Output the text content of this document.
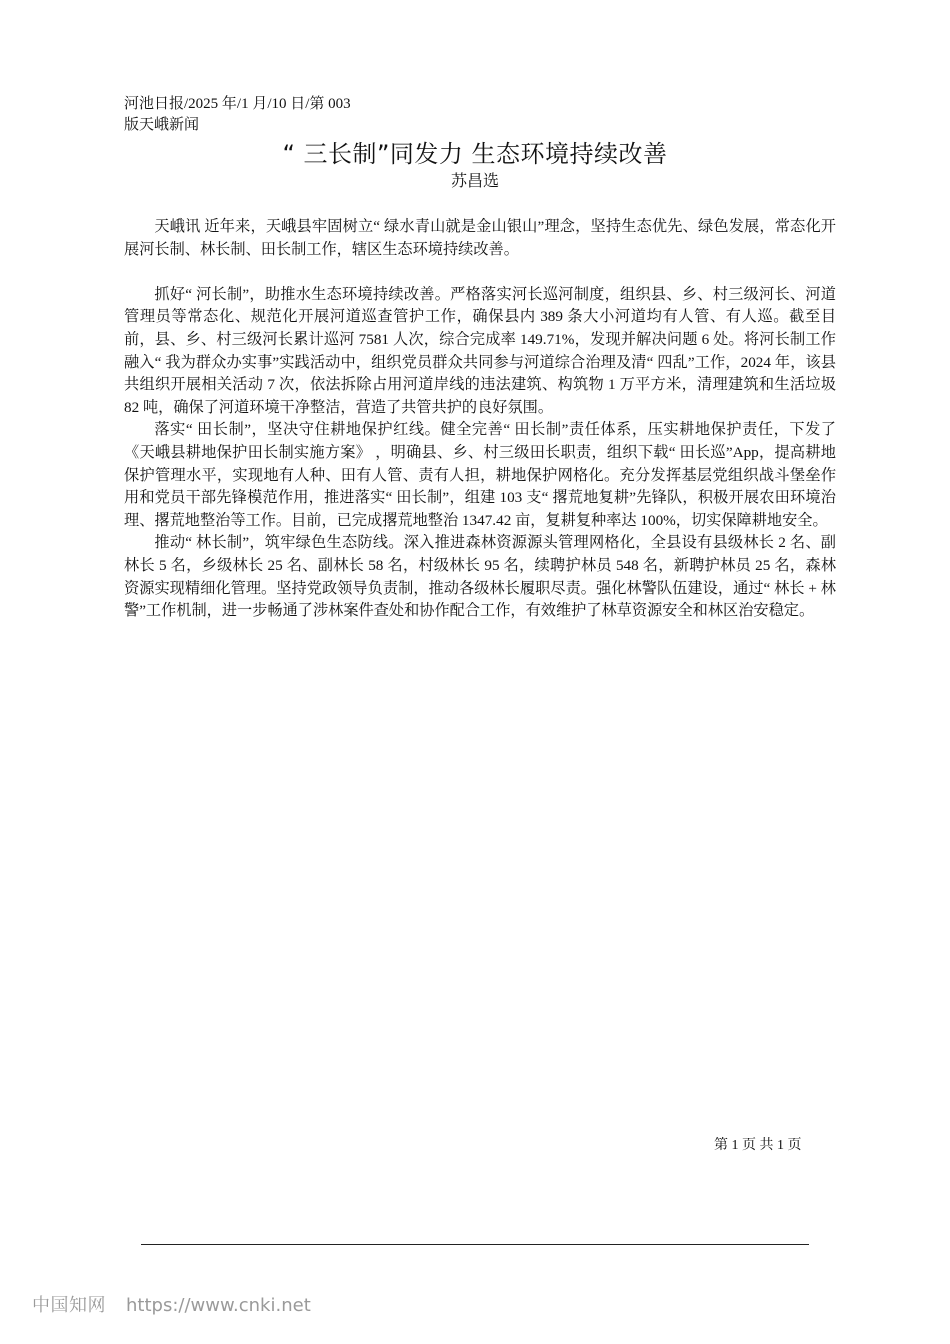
河池日报/2025 年/1 月/10 日/第 003
版天峨新闻
“ 三长制”同发力 生态环境持续改善
苏昌选

天峨讯 近年来，天峨县牢固树立“ 绿水青山就是金山银山”理念，坚持生态优先、绿色发展，常态化开展河长制、林长制、田长制工作，辖区生态环境持续改善。

抓好“ 河长制”，助推水生态环境持续改善。严格落实河长巡河制度，组织县、乡、村三级河长、河道管理员等常态化、规范化开展河道巡查管护工作，确保县内 389 条大小河道均有人管、有人巡。截至目前，县、乡、村三级河长累计巡河 7581 人次，综合完成率 149.71%，发现并解决问题 6 处。将河长制工作融入“ 我为群众办实事”实践活动中，组织党员群众共同参与河道综合治理及清“ 四乱”工作，2024 年，该县共组织开展相关活动 7 次，依法拆除占用河道岸线的违法建筑、构筑物 1 万平方米，清理建筑和生活垃圾 82 吨，确保了河道环境干净整洁，营造了共管共护的良好氛围。

落实“ 田长制”，坚决守住耕地保护红线。健全完善“ 田长制”责任体系，压实耕地保护责任，下发了《天峨县耕地保护田长制实施方案》 ，明确县、乡、村三级田长职责，组织下载“ 田长巡”App，提高耕地保护管理水平，实现地有人种、田有人管、责有人担，耕地保护网格化。充分发挥基层党组织战斗堡垒作用和党员干部先锋模范作用，推进落实“ 田长制”，组建 103 支“ 撂荒地复耕”先锋队，积极开展农田环境治理、撂荒地整治等工作。目前，已完成撂荒地整治 1347.42 亩，复耕复种率达 100%，切实保障耕地安全。

推动“ 林长制”，筑牢绿色生态防线。深入推进森林资源源头管理网格化，全县设有县级林长 2 名、副林长 5 名，乡级林长 25 名、副林长 58 名，村级林长 95 名，续聘护林员 548 名，新聘护林员 25 名，森林资源实现精细化管理。坚持党政领导负责制，推动各级林长履职尽责。强化林警队伍建设，通过“ 林长 + 林警”工作机制，进一步畅通了涉林案件查处和协作配合工作，有效维护了林草资源安全和林区治安稳定。

第 1 页 共 1 页
中国知网 https://www.cnki.net
